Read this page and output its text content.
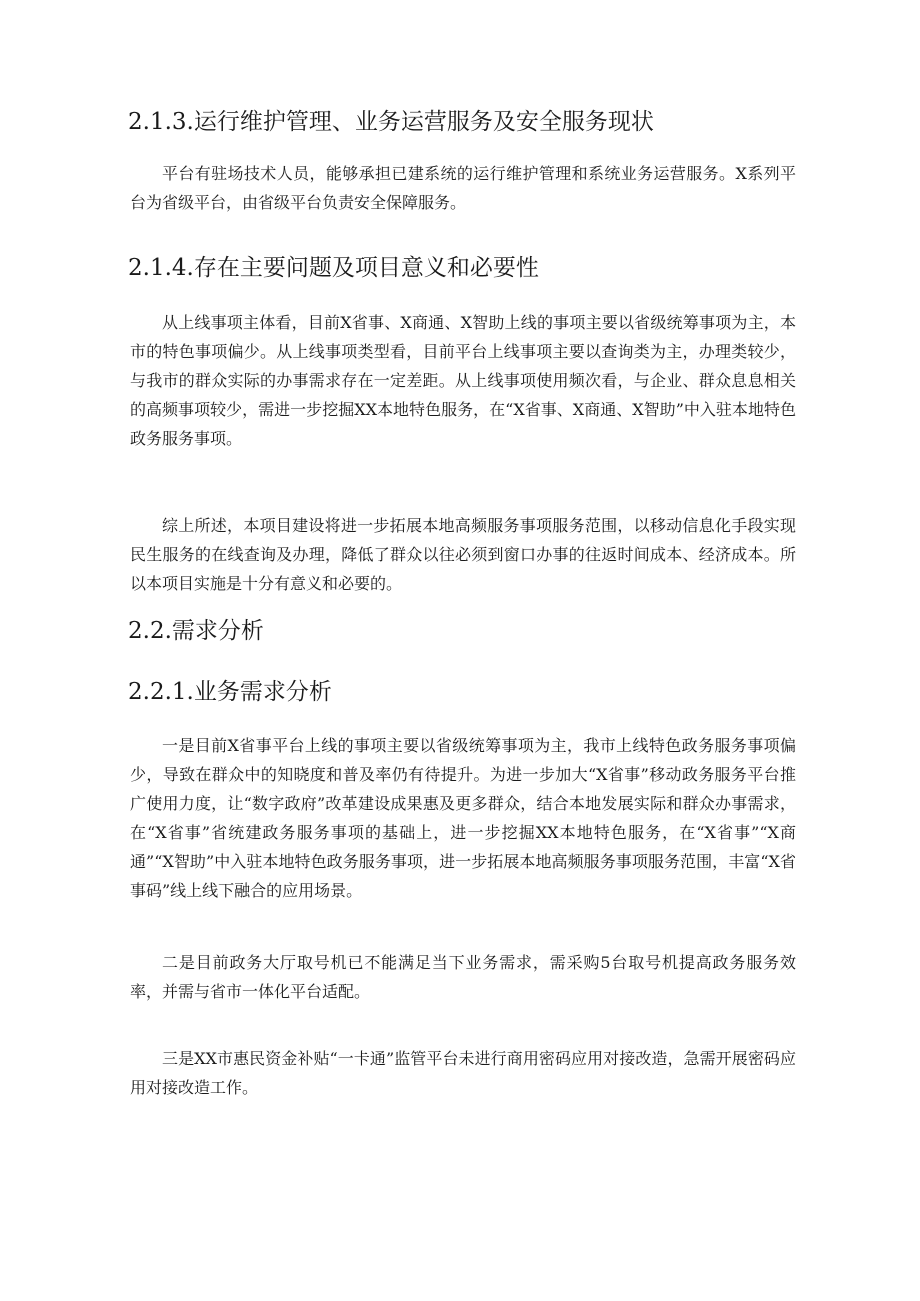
2.1.3.运行维护管理、业务运营服务及安全服务现状

平台有驻场技术人员，能够承担已建系统的运行维护管理和系统业务运营服务。X系列平台为省级平台，由省级平台负责安全保障服务。

2.1.4.存在主要问题及项目意义和必要性

从上线事项主体看，目前X省事、X商通、X智助上线的事项主要以省级统筹事项为主，本市的特色事项偏少。从上线事项类型看，目前平台上线事项主要以查询类为主，办理类较少，与我市的群众实际的办事需求存在一定差距。从上线事项使用频次看，与企业、群众息息相关的高频事项较少，需进一步挖掘XX本地特色服务，在“X省事、X商通、X智助”中入驻本地特色政务服务事项。

综上所述，本项目建设将进一步拓展本地高频服务事项服务范围，以移动信息化手段实现民生服务的在线查询及办理，降低了群众以往必须到窗口办事的往返时间成本、经济成本。所以本项目实施是十分有意义和必要的。

2.2.需求分析
2.2.1.业务需求分析

一是目前X省事平台上线的事项主要以省级统筹事项为主，我市上线特色政务服务事项偏少，导致在群众中的知晓度和普及率仍有待提升。为进一步加大“X省事”移动政务服务平台推广使用力度，让“数字政府”改革建设成果惠及更多群众，结合本地发展实际和群众办事需求，在“X省事”省统建政务服务事项的基础上，进一步挖掘XX本地特色服务，在“X省事”“X商通”“X智助”中入驻本地特色政务服务事项，进一步拓展本地高频服务事项服务范围，丰富“X省事码”线上线下融合的应用场景。

二是目前政务大厅取号机已不能满足当下业务需求，需采购5台取号机提高政务服务效率，并需与省市一体化平台适配。

三是XX市惠民资金补贴“一卡通”监管平台未进行商用密码应用对接改造，急需开展密码应用对接改造工作。
